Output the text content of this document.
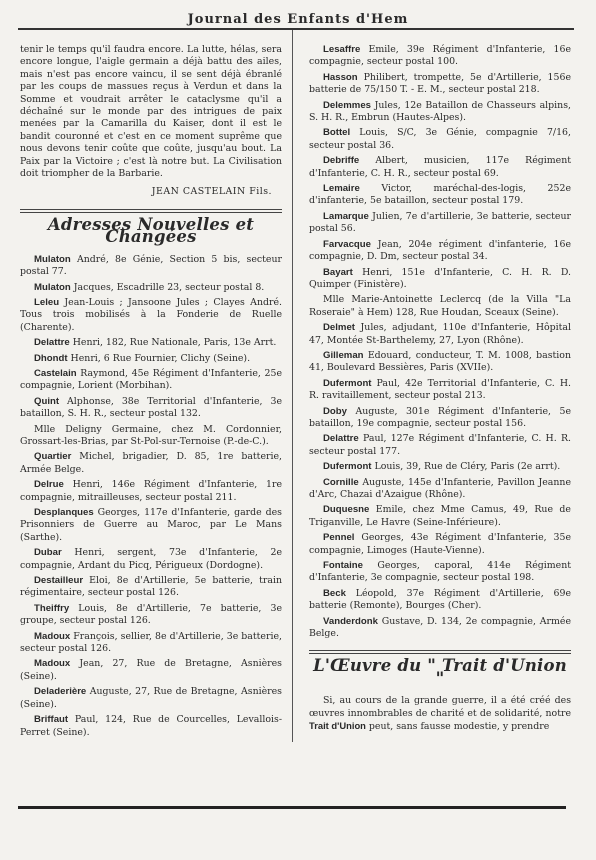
Journal des Enfants d'Hem

tenir le temps qu'il faudra encore. La lutte, hélas, sera encore longue, l'aigle germain a déjà battu des ailes, mais n'est pas encore vaincu, il se sent déjà ébranlé par les coups de massues reçus à Verdun et dans la Somme et voudrait arrêter le cataclysme qu'il a déchaîné sur le monde par des intrigues de paix menées par la Camarilla du Kaiser, dont il est le bandit couronné et c'est en ce moment suprême que nous devons tenir coûte que coûte, jusqu'au bout. La Paix par la Victoire ; c'est là notre but. La Civilisation doit triompher de la Barbarie.

JEAN CASTELAIN Fils.

Adresses Nouvelles et Changées

Mulaton André, 8e Génie, Section 5 bis, secteur postal 77.

Mulaton Jacques, Escadrille 23, secteur postal 8.

Leleu Jean-Louis ; Jansoone Jules ; Clayes André. Tous trois mobilisés à la Fonderie de Ruelle (Charente).

Delattre Henri, 182, Rue Nationale, Paris, 13e Arrt.

Dhondt Henri, 6 Rue Fournier, Clichy (Seine).

Castelain Raymond, 45e Régiment d'Infanterie, 25e compagnie, Lorient (Morbihan).

Quint Alphonse, 38e Territorial d'Infanterie, 3e bataillon, S. H. R., secteur postal 132.

Mlle Deligny Germaine, chez M. Cordonnier, Grossart-les-Brias, par St-Pol-sur-Ternoise (P.-de-C.).

Quartier Michel, brigadier, D. 85, 1re batterie, Armée Belge.

Delrue Henri, 146e Régiment d'Infanterie, 1re compagnie, mitrailleuses, secteur postal 211.

Desplanques Georges, 117e d'Infanterie, garde des Prisonniers de Guerre au Maroc, par Le Mans (Sarthe).

Dubar Henri, sergent, 73e d'Infanterie, 2e compagnie, Ardant du Picq, Périgueux (Dordogne).

Destailleur Eloi, 8e d'Artillerie, 5e batterie, train régimentaire, secteur postal 126.

Theiffry Louis, 8e d'Artillerie, 7e batterie, 3e groupe, secteur postal 126.

Madoux François, sellier, 8e d'Artillerie, 3e batterie, secteur postal 126.

Madoux Jean, 27, Rue de Bretagne, Asnières (Seine).

Deladerière Auguste, 27, Rue de Bretagne, Asnières (Seine).

Briffaut Paul, 124, Rue de Courcelles, Levallois-Perret (Seine).

Lesaffre Emile, 39e Régiment d'Infanterie, 16e compagnie, secteur postal 100.

Hasson Philibert, trompette, 5e d'Artillerie, 156e batterie de 75/150 T. - E. M., secteur postal 218.

Delemmes Jules, 12e Bataillon de Chasseurs alpins, S. H. R., Embrun (Hautes-Alpes).

Bottel Louis, S/C, 3e Génie, compagnie 7/16, secteur postal 36.

Debriffe Albert, musicien, 117e Régiment d'Infanterie, C. H. R., secteur postal 69.

Lemaire Victor, maréchal-des-logis, 252e d'infanterie, 5e bataillon, secteur postal 179.

Lamarque Julien, 7e d'artillerie, 3e batterie, secteur postal 56.

Farvacque Jean, 204e régiment d'infanterie, 16e compagnie, D. Dm, secteur postal 34.

Bayart Henri, 151e d'Infanterie, C. H. R. D. Quimper (Finistère).

Mlle Marie-Antoinette Leclercq (de la Villa "La Roseraie" à Hem) 128, Rue Houdan, Sceaux (Seine).

Delmet Jules, adjudant, 110e d'Infanterie, Hôpital 47, Montée St-Barthelemy, 27, Lyon (Rhône).

Gilleman Edouard, conducteur, T. M. 1008, bastion 41, Boulevard Bessières, Paris (XVIIe).

Dufermont Paul, 42e Territorial d'Infanterie, C. H. R. ravitaillement, secteur postal 213.

Doby Auguste, 301e Régiment d'Infanterie, 5e bataillon, 19e compagnie, secteur postal 156.

Delattre Paul, 127e Régiment d'Infanterie, C. H. R. secteur postal 177.

Dufermont Louis, 39, Rue de Cléry, Paris (2e arrt).

Cornille Auguste, 145e d'Infanterie, Pavillon Jeanne d'Arc, Chazai d'Azaigue (Rhône).

Duquesne Emile, chez Mme Camus, 49, Rue de Triganville, Le Havre (Seine-Inférieure).

Pennel Georges, 43e Régiment d'Infanterie, 35e compagnie, Limoges (Haute-Vienne).

Fontaine Georges, caporal, 414e Régiment d'Infanterie, 3e compagnie, secteur postal 198.

Beck Léopold, 37e Régiment d'Artillerie, 69e batterie (Remonte), Bourges (Cher).

Vanderdonk Gustave, D. 134, 2e compagnie, Armée Belge.

L'Œuvre du " Trait d'Union "

Si, au cours de la grande guerre, il a été créé des œuvres innombrables de charité et de solidarité, notre Trait d'Union peut, sans fausse modestie, y prendre
